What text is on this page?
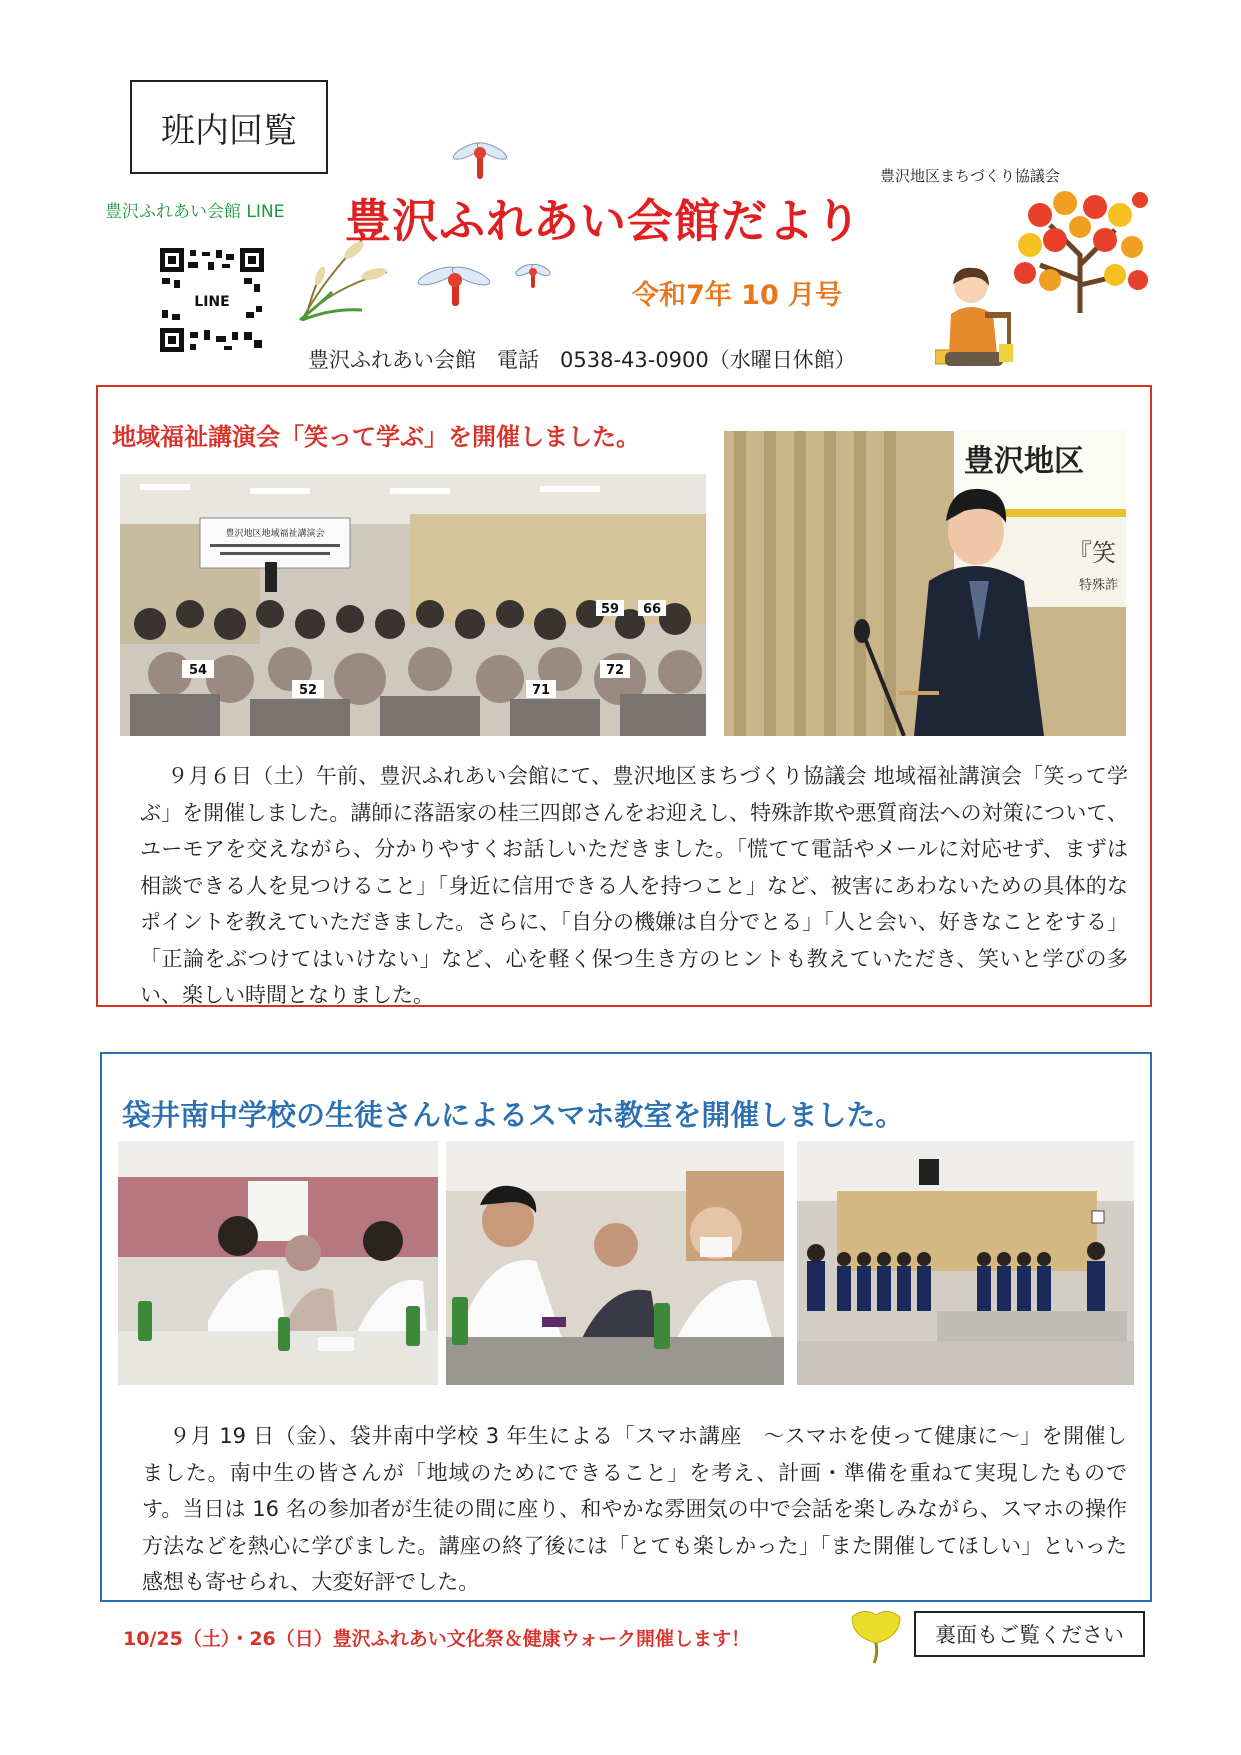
班内回覧
豊沢ふれあい会館 LINE
LINE
豊沢ふれあい会館だより
令和7年 10 月号
豊沢地区まちづくり協議会
豊沢ふれあい会館　電話　0538-43-0900（水曜日休館）
地域福祉講演会「笑って学ぶ」を開催しました。
豊沢地区地域福祉講演会
54
52
59 66
72
71
豊沢地区
『笑
特殊詐
９月６日（土）午前、豊沢ふれあい会館にて、豊沢地区まちづくり協議会 地域福祉講演会「笑って学ぶ」を開催しました。講師に落語家の桂三四郎さんをお迎えし、特殊詐欺や悪質商法への対策について、ユーモアを交えながら、分かりやすくお話しいただきました。「慌てて電話やメールに対応せず、まずは相談できる人を見つけること」「身近に信用できる人を持つこと」など、被害にあわないための具体的なポイントを教えていただきました。さらに、「自分の機嫌は自分でとる」「人と会い、好きなことをする」「正論をぶつけてはいけない」など、心を軽く保つ生き方のヒントも教えていただき、笑いと学びの多い、楽しい時間となりました。
袋井南中学校の生徒さんによるスマホ教室を開催しました。
９月 19 日（金）、袋井南中学校 3 年生による「スマホ講座　～スマホを使って健康に～」を開催しました。南中生の皆さんが「地域のためにできること」を考え、計画・準備を重ねて実現したものです。当日は 16 名の参加者が生徒の間に座り、和やかな雰囲気の中で会話を楽しみながら、スマホの操作方法などを熱心に学びました。講座の終了後には「とても楽しかった」「また開催してほしい」といった感想も寄せられ、大変好評でした。
10/25（土）・26（日）豊沢ふれあい文化祭＆健康ウォーク開催します！	裏面もご覧ください
